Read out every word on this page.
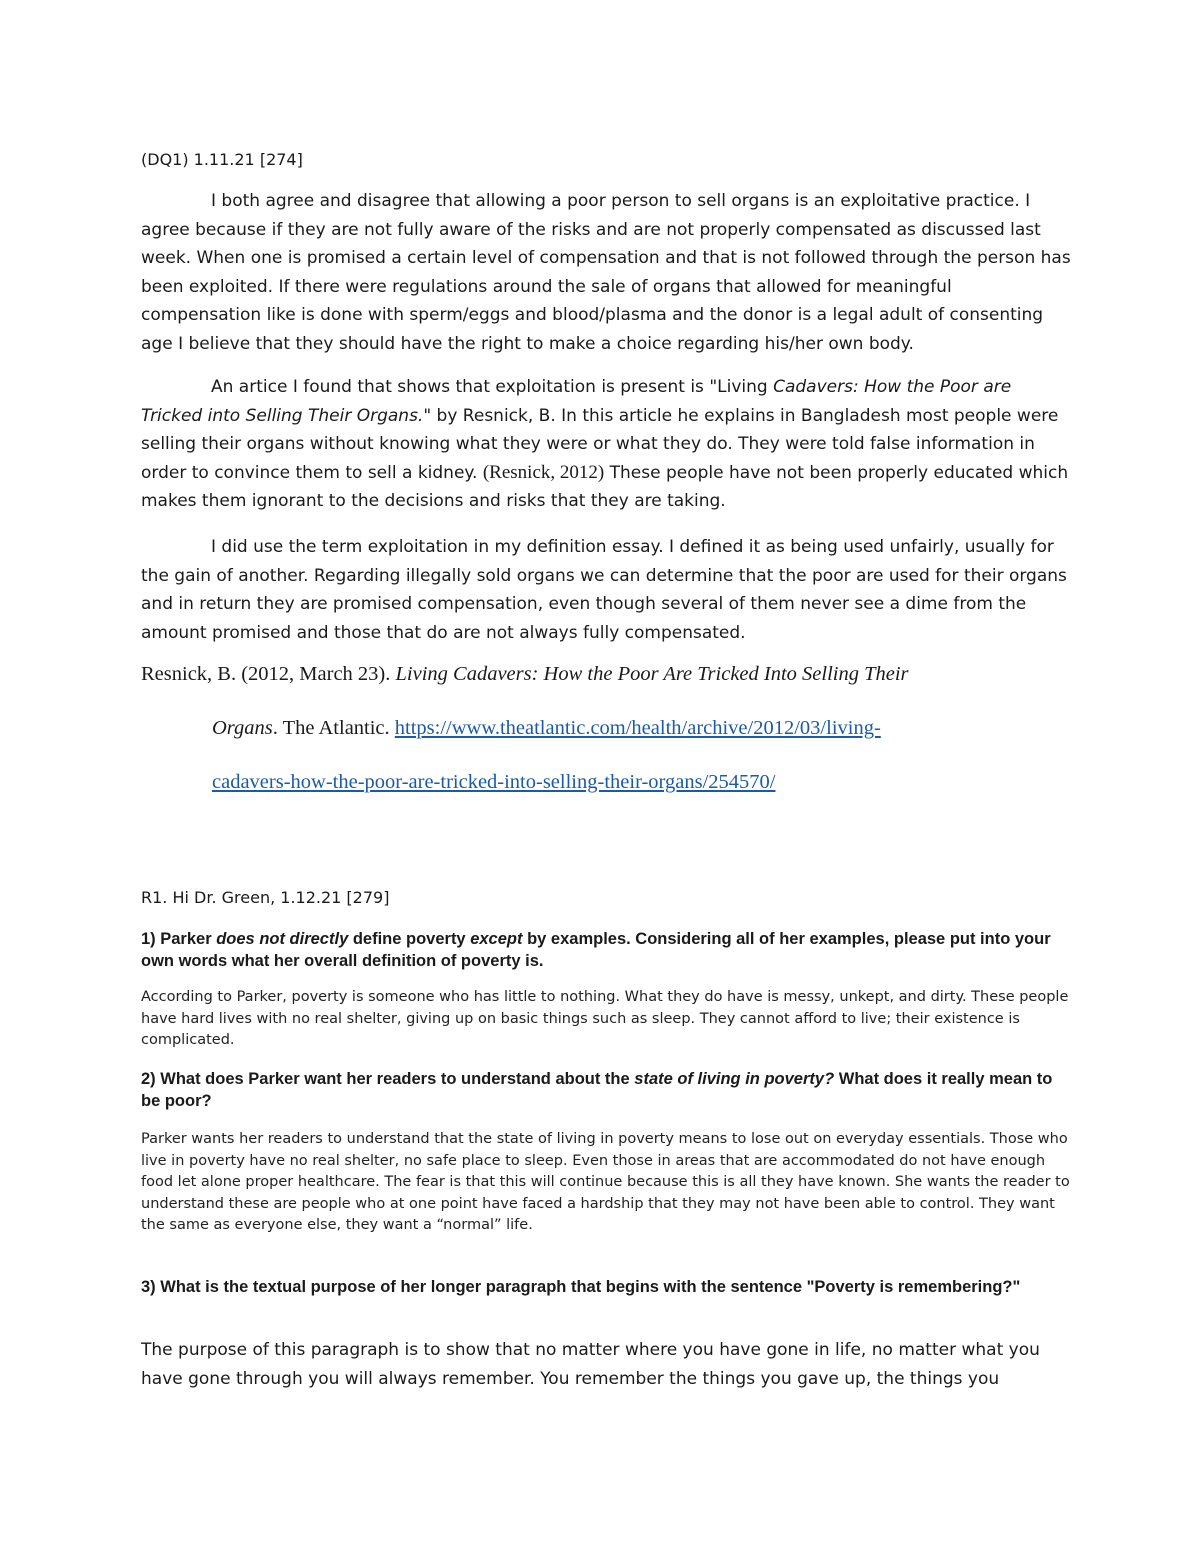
(DQ1) 1.11.21 [274]

I both agree and disagree that allowing a poor person to sell organs is an exploitative practice. I agree because if they are not fully aware of the risks and are not properly compensated as discussed last week. When one is promised a certain level of compensation and that is not followed through the person has been exploited. If there were regulations around the sale of organs that allowed for meaningful compensation like is done with sperm/eggs and blood/plasma and the donor is a legal adult of consenting age I believe that they should have the right to make a choice regarding his/her own body.

An artice I found that shows that exploitation is present is "Living Cadavers: How the Poor are Tricked into Selling Their Organs." by Resnick, B. In this article he explains in Bangladesh most people were selling their organs without knowing what they were or what they do. They were told false information in order to convince them to sell a kidney. (Resnick, 2012) These people have not been properly educated which makes them ignorant to the decisions and risks that they are taking.

I did use the term exploitation in my definition essay. I defined it as being used unfairly, usually for the gain of another. Regarding illegally sold organs we can determine that the poor are used for their organs and in return they are promised compensation, even though several of them never see a dime from the amount promised and those that do are not always fully compensated.

Resnick, B. (2012, March 23). Living Cadavers: How the Poor Are Tricked Into Selling Their
Organs. The Atlantic. https://www.theatlantic.com/health/archive/2012/03/living-
cadavers-how-the-poor-are-tricked-into-selling-their-organs/254570/

R1. Hi Dr. Green, 1.12.21 [279]

1) Parker does not directly define poverty except by examples. Considering all of her examples, please put into your own words what her overall definition of poverty is.

According to Parker, poverty is someone who has little to nothing. What they do have is messy, unkept, and dirty. These people have hard lives with no real shelter, giving up on basic things such as sleep. They cannot afford to live; their existence is complicated.

2) What does Parker want her readers to understand about the state of living in poverty? What does it really mean to be poor?

Parker wants her readers to understand that the state of living in poverty means to lose out on everyday essentials. Those who live in poverty have no real shelter, no safe place to sleep. Even those in areas that are accommodated do not have enough food let alone proper healthcare. The fear is that this will continue because this is all they have known. She wants the reader to understand these are people who at one point have faced a hardship that they may not have been able to control. They want the same as everyone else, they want a “normal” life.

3) What is the textual purpose of her longer paragraph that begins with the sentence "Poverty is remembering?"

The purpose of this paragraph is to show that no matter where you have gone in life, no matter what you have gone through you will always remember. You remember the things you gave up, the things you
